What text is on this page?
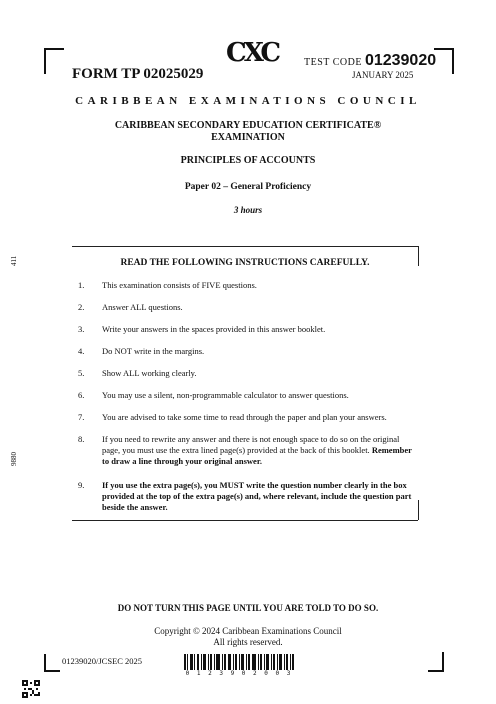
CXC	TEST CODE 01239020
FORM TP 02025029	JANUARY 2025
CARIBBEAN EXAMINATIONS COUNCIL
CARIBBEAN SECONDARY EDUCATION CERTIFICATE®
EXAMINATION
PRINCIPLES OF ACCOUNTS
Paper 02 – General Proficiency
3 hours
411
9880
READ THE FOLLOWING INSTRUCTIONS CAREFULLY.
1.	This examination consists of FIVE questions.
2.	Answer ALL questions.
3.	Write your answers in the spaces provided in this answer booklet.
4.	Do NOT write in the margins.
5.	Show ALL working clearly.
6.	You may use a silent, non-programmable calculator to answer questions.
7.	You are advised to take some time to read through the paper and plan your answers.
8.	If you need to rewrite any answer and there is not enough space to do so on the original page, you must use the extra lined page(s) provided at the back of this booklet. Remember to draw a line through your original answer.
9.	If you use the extra page(s), you MUST write the question number clearly in the box provided at the top of the extra page(s) and, where relevant, include the question part beside the answer.
DO NOT TURN THIS PAGE UNTIL YOU ARE TOLD TO DO SO.
Copyright © 2024 Caribbean Examinations Council
All rights reserved.
01239020/JCSEC 2025
0 1 2 3 9 0 2 0 0 3
